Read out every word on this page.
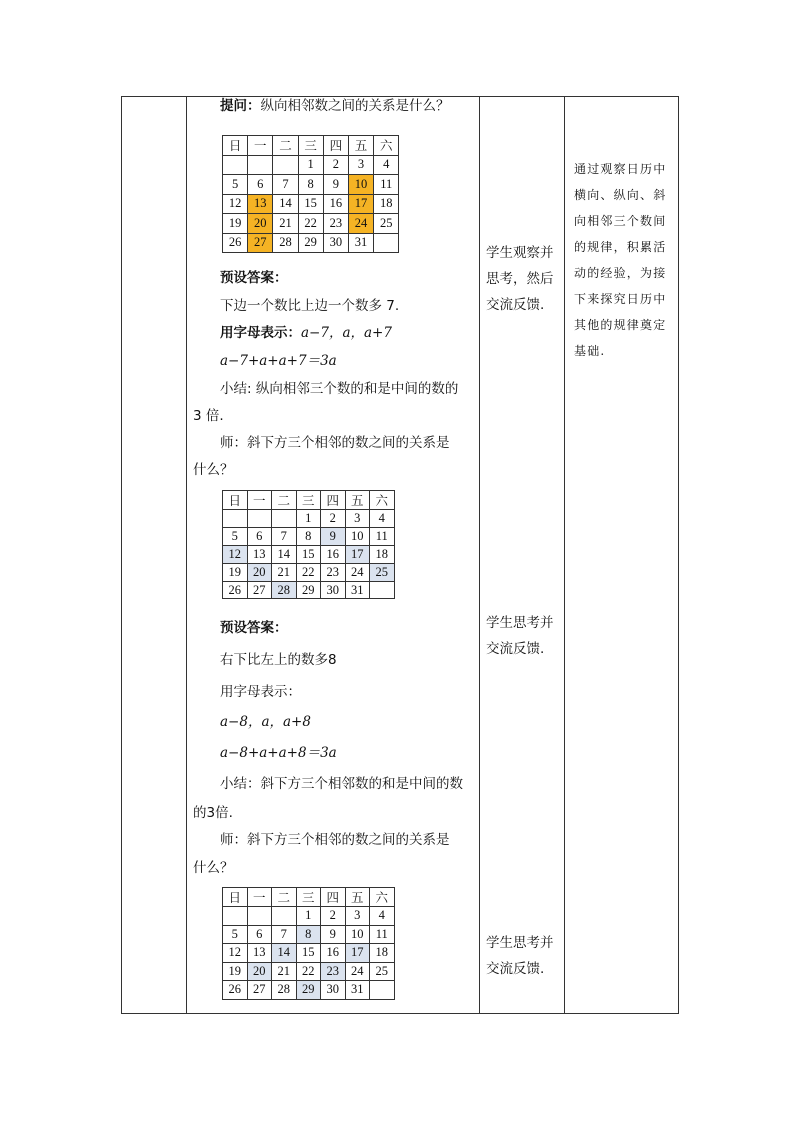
提问：纵向相邻数之间的关系是什么？
日	一	二	三	四	五	六
			1	2	3	4
5	6	7	8	9	10	11
12	13	14	15	16	17	18
19	20	21	22	23	24	25
26	27	28	29	30	31	
预设答案：
下边一个数比上边一个数多 7.
用字母表示：a−7，a，a+7
a−7+a+a+7＝3a
小结: 纵向相邻三个数的和是中间的数的
3 倍.
师：斜下方三个相邻的数之间的关系是
什么？
日	一	二	三	四	五	六
			1	2	3	4
5	6	7	8	9	10	11
12	13	14	15	16	17	18
19	20	21	22	23	24	25
26	27	28	29	30	31	
预设答案：
右下比左上的数多8
用字母表示：
a−8，a，a+8
a−8+a+a+8＝3a
小结：斜下方三个相邻数的和是中间的数
的3倍.
师：斜下方三个相邻的数之间的关系是
什么？
日	一	二	三	四	五	六
			1	2	3	4
5	6	7	8	9	10	11
12	13	14	15	16	17	18
19	20	21	22	23	24	25
26	27	28	29	30	31	
学生观察并
思考，然后
交流反馈.
学生思考并
交流反馈.
学生思考并
交流反馈.
通过观察日历中横向、纵向、斜向相邻三个数间的规律，积累活动的经验，为接下来探究日历中其他的规律奠定基础.
